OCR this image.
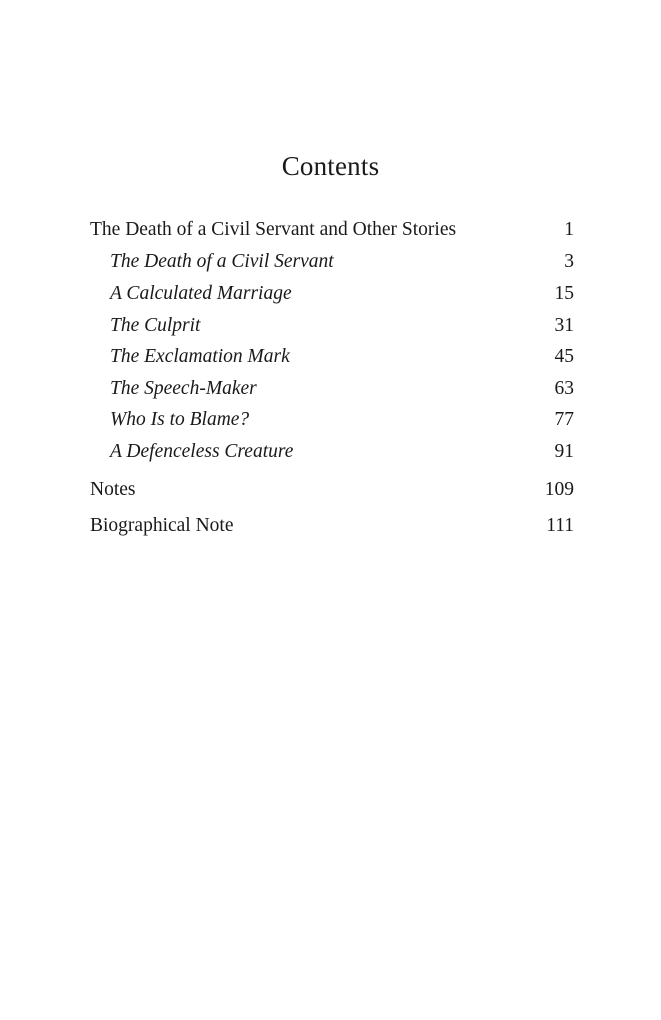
Contents
The Death of a Civil Servant and Other Stories	1
The Death of a Civil Servant	3
A Calculated Marriage	15
The Culprit	31
The Exclamation Mark	45
The Speech-Maker	63
Who Is to Blame?	77
A Defenceless Creature	91
Notes	109
Biographical Note	111
